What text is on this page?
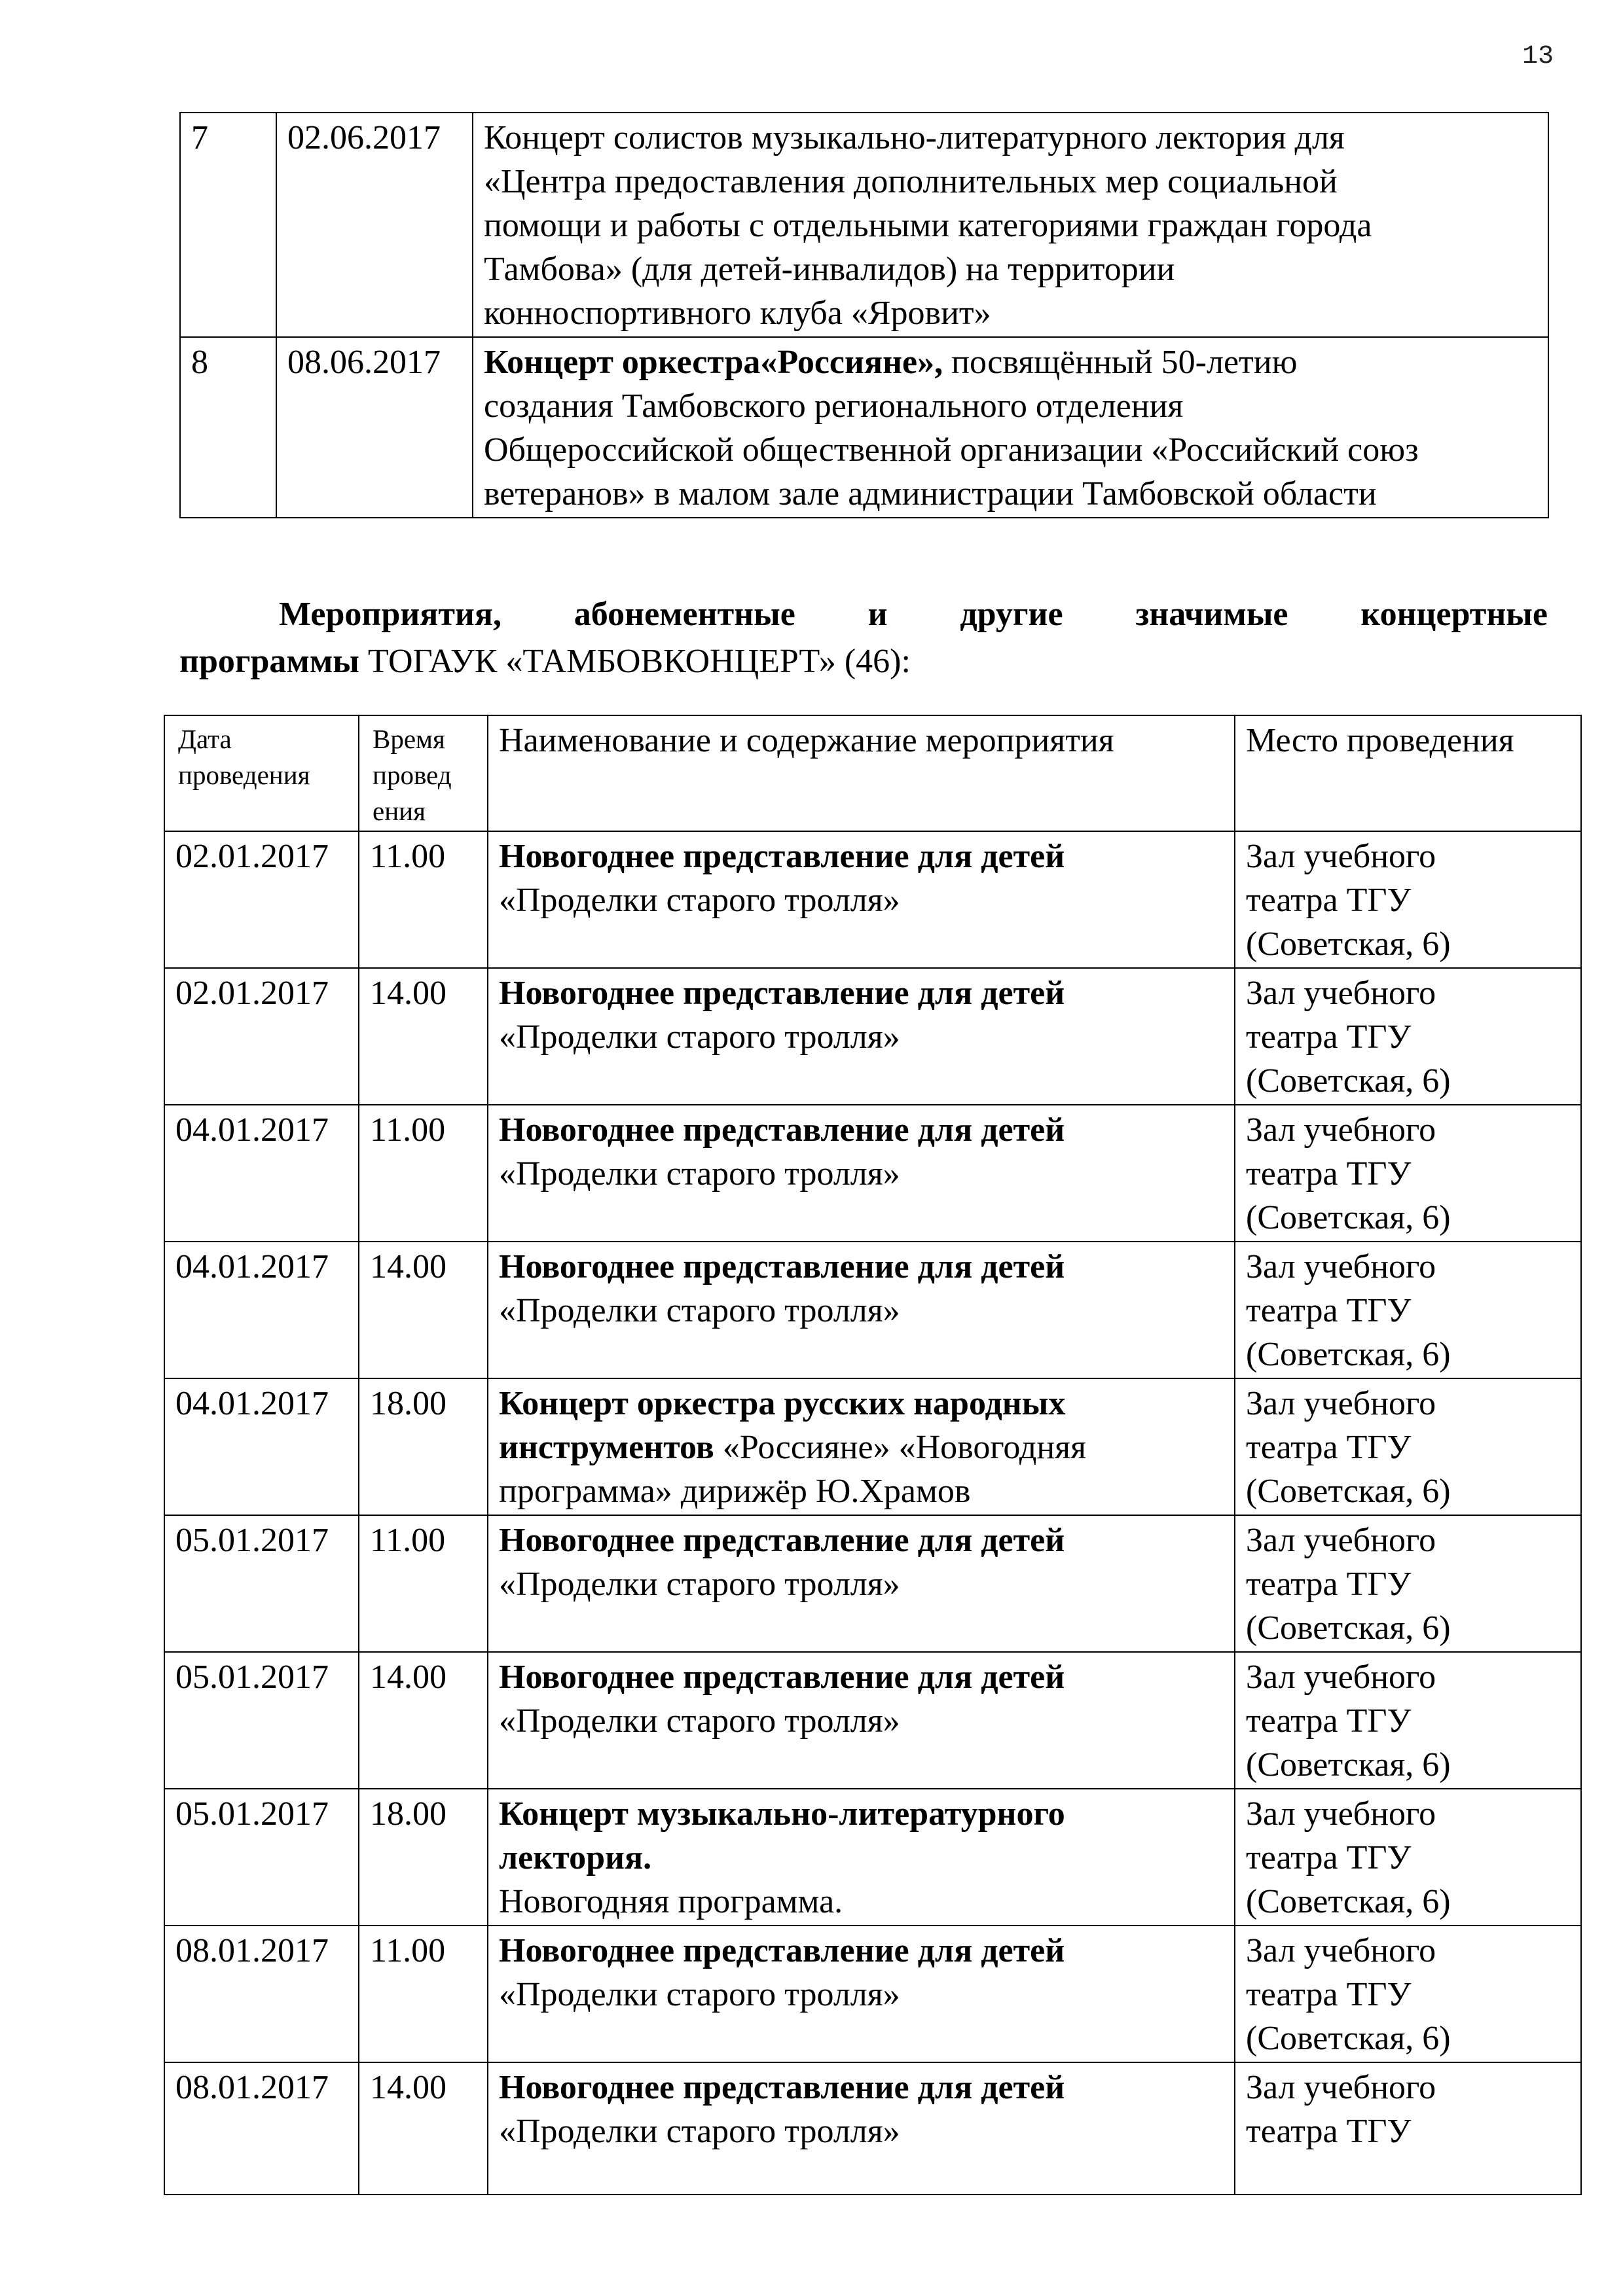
13
7	02.06.2017	Концерт солистов музыкально-литературного лектория для
«Центра предоставления дополнительных мер социальной
помощи и работы с отдельными категориями граждан города
Тамбова» (для детей-инвалидов) на территории
конноспортивного клуба «Яровит»
8	08.06.2017	Концерт оркестра«Россияне», посвящённый 50-летию
создания Тамбовского регионального отделения
Общероссийской общественной организации «Российский союз
ветеранов» в малом зале администрации Тамбовской области
Мероприятия, абонементные и другие значимые концертные
программы ТОГАУК «ТАМБОВКОНЦЕРТ» (46):
Дата
проведения	Время
провед
ения	Наименование и содержание мероприятия	Место проведения
02.01.2017	11.00	Новогоднее представление для детей
«Проделки старого тролля»	Зал учебного
театра ТГУ
(Советская, 6)
02.01.2017	14.00	Новогоднее представление для детей
«Проделки старого тролля»	Зал учебного
театра ТГУ
(Советская, 6)
04.01.2017	11.00	Новогоднее представление для детей
«Проделки старого тролля»	Зал учебного
театра ТГУ
(Советская, 6)
04.01.2017	14.00	Новогоднее представление для детей
«Проделки старого тролля»	Зал учебного
театра ТГУ
(Советская, 6)
04.01.2017	18.00	Концерт оркестра русских народных
инструментов «Россияне» «Новогодняя
программа» дирижёр Ю.Храмов	Зал учебного
театра ТГУ
(Советская, 6)
05.01.2017	11.00	Новогоднее представление для детей
«Проделки старого тролля»	Зал учебного
театра ТГУ
(Советская, 6)
05.01.2017	14.00	Новогоднее представление для детей
«Проделки старого тролля»	Зал учебного
театра ТГУ
(Советская, 6)
05.01.2017	18.00	Концерт музыкально-литературного
лектория.
Новогодняя программа.	Зал учебного
театра ТГУ
(Советская, 6)
08.01.2017	11.00	Новогоднее представление для детей
«Проделки старого тролля»	Зал учебного
театра ТГУ
(Советская, 6)
08.01.2017	14.00	Новогоднее представление для детей
«Проделки старого тролля»	Зал учебного
театра ТГУ
